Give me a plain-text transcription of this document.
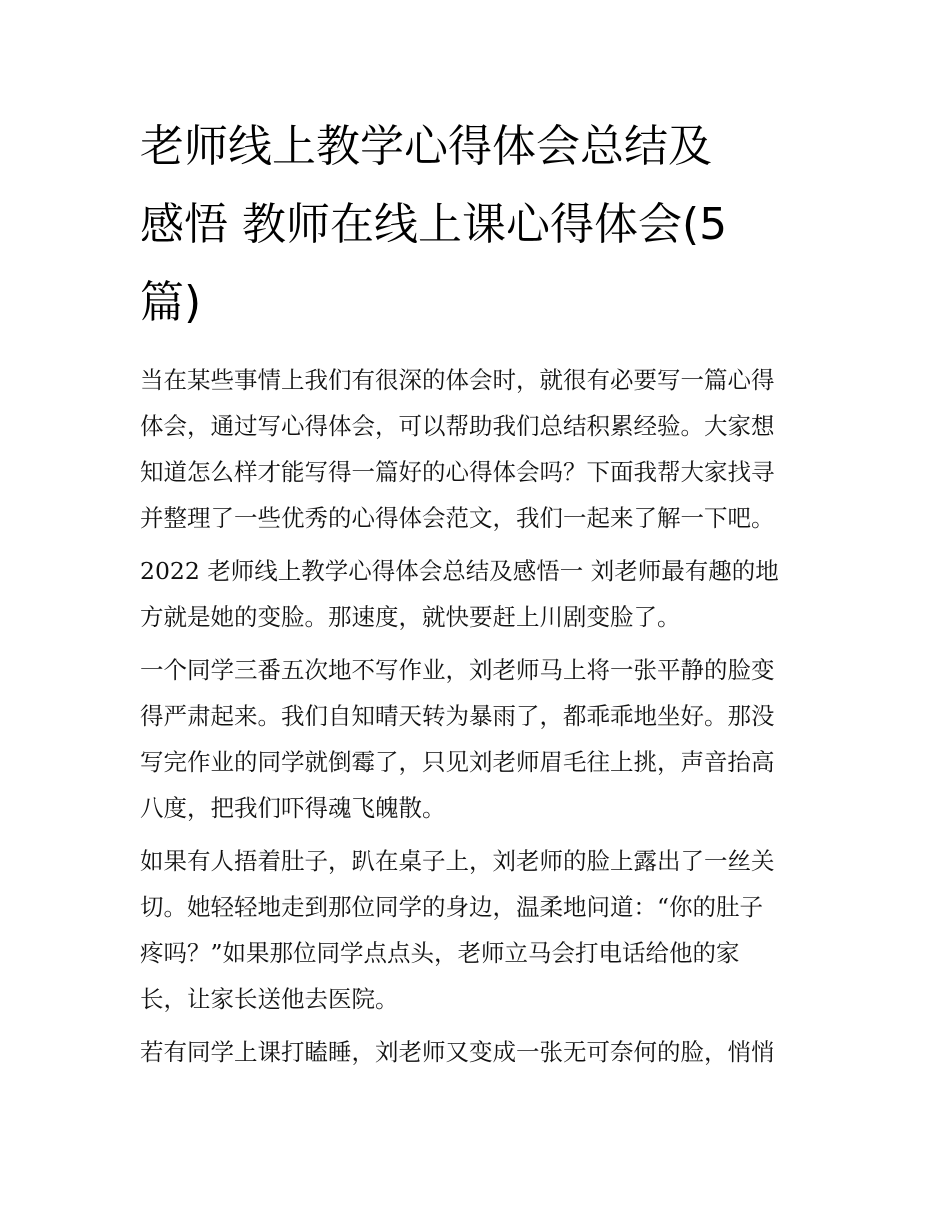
老师线上教学心得体会总结及
感悟 教师在线上课心得体会(5
篇)

当在某些事情上我们有很深的体会时，就很有必要写一篇心得
体会，通过写心得体会，可以帮助我们总结积累经验。大家想
知道怎么样才能写得一篇好的心得体会吗？下面我帮大家找寻
并整理了一些优秀的心得体会范文，我们一起来了解一下吧。

2022 老师线上教学心得体会总结及感悟一 刘老师最有趣的地
方就是她的变脸。那速度，就快要赶上川剧变脸了。

一个同学三番五次地不写作业，刘老师马上将一张平静的脸变
得严肃起来。我们自知晴天转为暴雨了，都乖乖地坐好。那没
写完作业的同学就倒霉了，只见刘老师眉毛往上挑，声音抬高
八度，把我们吓得魂飞魄散。

如果有人捂着肚子，趴在桌子上，刘老师的脸上露出了一丝关
切。她轻轻地走到那位同学的身边，温柔地问道：“你的肚子
疼吗？”如果那位同学点点头，老师立马会打电话给他的家
长，让家长送他去医院。

若有同学上课打瞌睡，刘老师又变成一张无可奈何的脸，悄悄
